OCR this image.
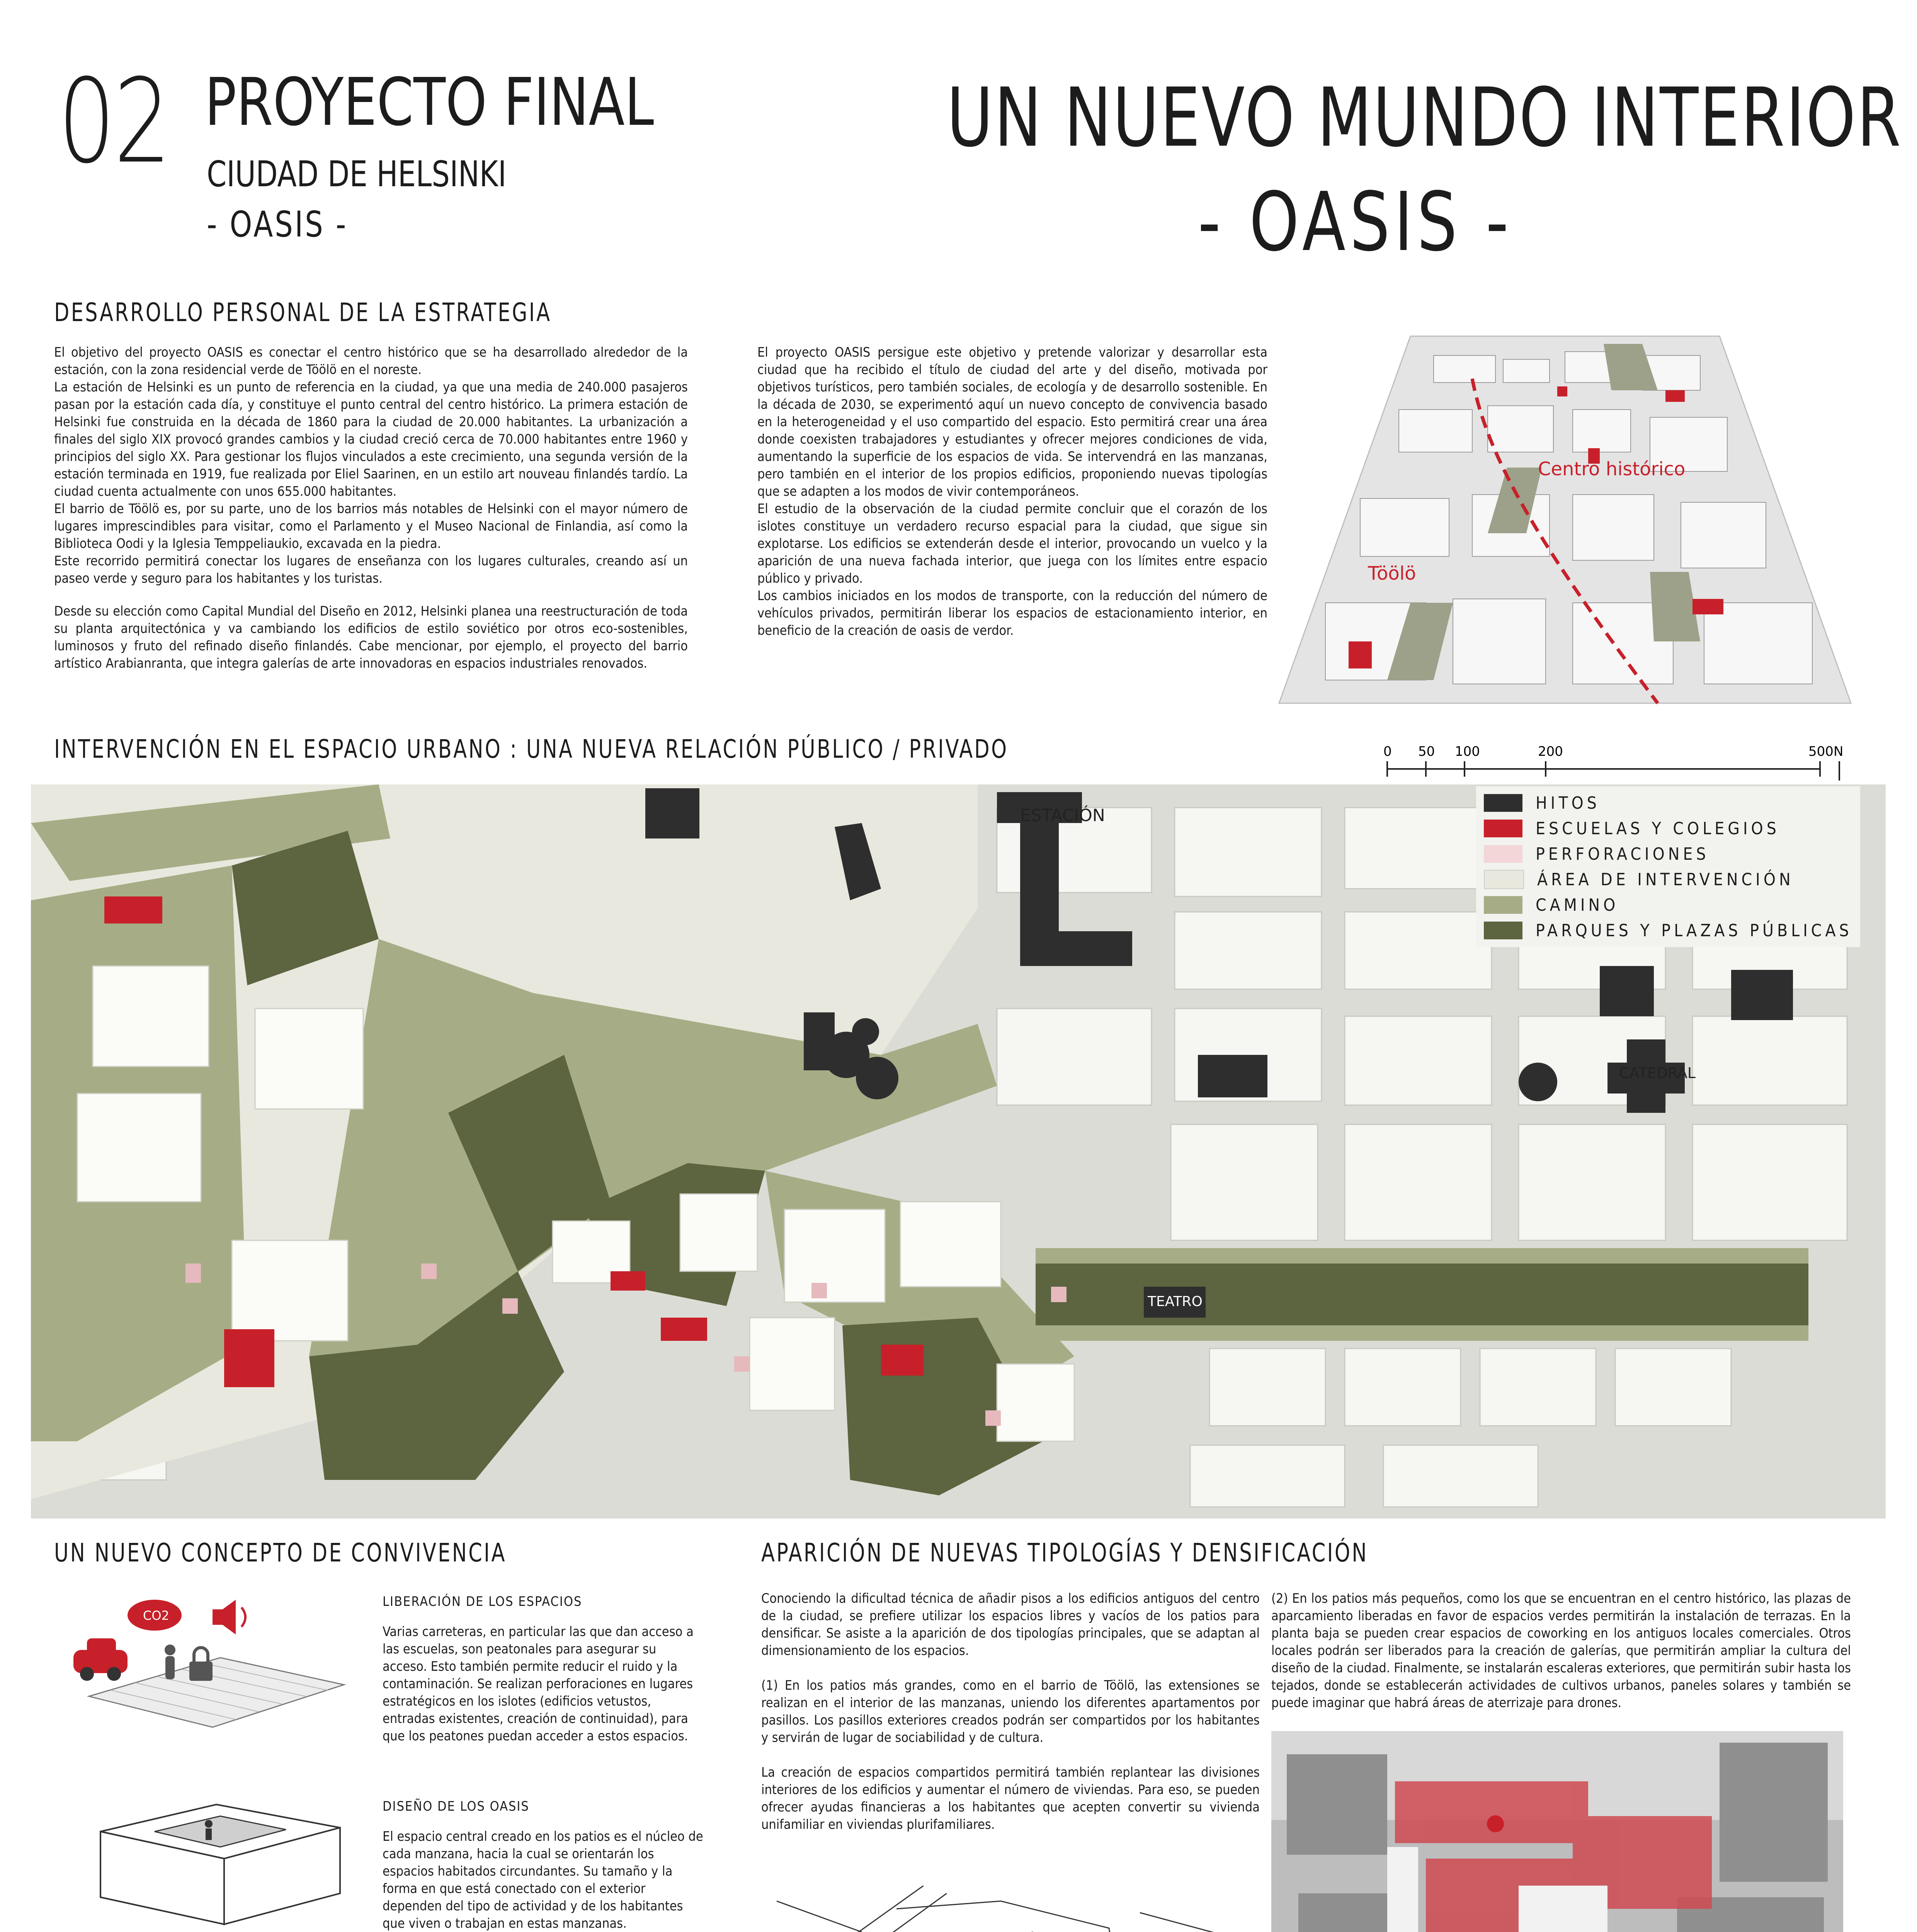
02 PROYECTO FINAL
CIUDAD DE HELSINKI
- OASIS -
UN NUEVO MUNDO INTERIOR
- OASIS -
DESARROLLO PERSONAL DE LA ESTRATEGIA
El objetivo del proyecto OASIS es conectar el centro histórico que se ha desarrollado alrededor de la estación, con la zona residencial verde de Töölö en el noreste.
La estación de Helsinki es un punto de referencia en la ciudad, ya que una media de 240.000 pasajeros pasan por la estación cada día, y constituye el punto central del centro histórico. La primera estación de Helsinki fue construida en la década de 1860 para la ciudad de 20.000 habitantes. La urbanización a finales del siglo XIX provocó grandes cambios y la ciudad creció cerca de 70.000 habitantes entre 1960 y principios del siglo XX. Para gestionar los flujos vinculados a este crecimiento, una segunda versión de la estación terminada en 1919, fue realizada por Eliel Saarinen, en un estilo art nouveau finlandés tardío. La ciudad cuenta actualmente con unos 655.000 habitantes.
El barrio de Töölö es, por su parte, uno de los barrios más notables de Helsinki con el mayor número de lugares imprescindibles para visitar, como el Parlamento y el Museo Nacional de Finlandia, así como la Biblioteca Oodi y la Iglesia Temppeliaukio, excavada en la piedra.
Este recorrido permitirá conectar los lugares de enseñanza con los lugares culturales, creando así un paseo verde y seguro para los habitantes y los turistas.
Desde su elección como Capital Mundial del Diseño en 2012, Helsinki planea una reestructuración de toda su planta arquitectónica y va cambiando los edificios de estilo soviético por otros eco-sostenibles, luminosos y fruto del refinado diseño finlandés. Cabe mencionar, por ejemplo, el proyecto del barrio artístico Arabianranta, que integra galerías de arte innovadoras en espacios industriales renovados.
El proyecto OASIS persigue este objetivo y pretende valorizar y desarrollar esta ciudad que ha recibido el título de ciudad del arte y del diseño, motivada por objetivos turísticos, pero también sociales, de ecología y de desarrollo sostenible. En la década de 2030, se experimentó aquí un nuevo concepto de convivencia basado en la heterogeneidad y el uso compartido del espacio. Esto permitirá crear una área donde coexisten trabajadores y estudiantes y ofrecer mejores condiciones de vida, aumentando la superficie de los espacios de vida. Se intervendrá en las manzanas, pero también en el interior de los propios edificios, proponiendo nuevas tipologías que se adapten a los modos de vivir contemporáneos.
El estudio de la observación de la ciudad permite concluir que el corazón de los islotes constituye un verdadero recurso espacial para la ciudad, que sigue sin explotarse. Los edificios se extenderán desde el interior, provocando un vuelco y la aparición de una nueva fachada interior, que juega con los límites entre espacio público y privado.
Los cambios iniciados en los modos de transporte, con la reducción del número de vehículos privados, permitirán liberar los espacios de estacionamiento interior, en beneficio de la creación de oasis de verdor.
Centro histórico
Töölö
INTERVENCIÓN EN EL ESPACIO URBANO : UNA NUEVA RELACIÓN PÚBLICO / PRIVADO	0 50 100	200	500 N
ESTACIÓN
CATEDRAL
TEATRO
HITOS
ESCUELAS Y COLEGIOS
PERFORACIONES
ÁREA DE INTERVENCIÓN
CAMINO
PARQUES Y PLAZAS PÚBLICAS
UN NUEVO CONCEPTO DE CONVIVENCIA
CO2
LIBERACIÓN DE LOS ESPACIOS
Varias carreteras, en particular las que dan acceso a las escuelas, son peatonales para asegurar su acceso. Esto también permite reducir el ruido y la contaminación. Se realizan perforaciones en lugares estratégicos en los islotes (edificios vetustos, entradas existentes, creación de continuidad), para que los peatones puedan acceder a estos espacios.
DISEÑO DE LOS OASIS
El espacio central creado en los patios es el núcleo de cada manzana, hacia la cual se orientarán los espacios habitados circundantes. Su tamaño y la forma en que está conectado con el exterior dependen del tipo de actividad y de los habitantes que viven o trabajan en estas manzanas.
APARICIÓN DE NUEVAS TIPOLOGÍAS Y DENSIFICACIÓN
Conociendo la dificultad técnica de añadir pisos a los edificios antiguos del centro de la ciudad, se prefiere utilizar los espacios libres y vacíos de los patios para densificar. Se asiste a la aparición de dos tipologías principales, que se adaptan al dimensionamiento de los espacios.
(1) En los patios más grandes, como en el barrio de Töölö, las extensiones se realizan en el interior de las manzanas, uniendo los diferentes apartamentos por pasillos. Los pasillos exteriores creados podrán ser compartidos por los habitantes y servirán de lugar de sociabilidad y de cultura.
La creación de espacios compartidos permitirá también replantear las divisiones interiores de los edificios y aumentar el número de viviendas. Para eso, se pueden ofrecer ayudas financieras a los habitantes que acepten convertir su vivienda unifamiliar en viviendas plurifamiliares.
(2) En los patios más pequeños, como los que se encuentran en el centro histórico, las plazas de aparcamiento liberadas en favor de espacios verdes permitirán la instalación de terrazas. En la planta baja se pueden crear espacios de coworking en los antiguos locales comerciales. Otros locales podrán ser liberados para la creación de galerías, que permitirán ampliar la cultura del diseño de la ciudad. Finalmente, se instalarán escaleras exteriores, que permitirán subir hasta los tejados, donde se establecerán actividades de cultivos urbanos, paneles solares y también se puede imaginar que habrá áreas de aterrizaje para drones.
